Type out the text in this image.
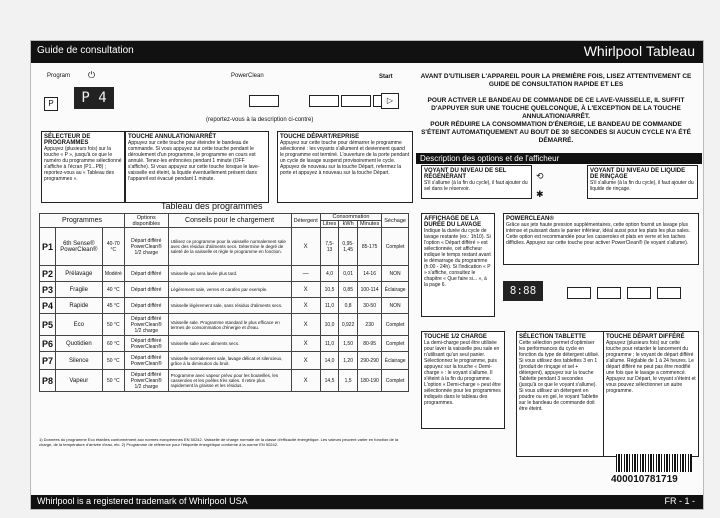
Guide de consultation	Whirlpool Tableau
Program ⏻
P	P 4
PowerClean
▷
Start
(reportez-vous à la description ci-contre)
AVANT D'UTILISER L'APPAREIL POUR LA PREMIÈRE FOIS, LISEZ ATTENTIVEMENT CE GUIDE DE CONSULTATION RAPIDE ET LES
POUR ACTIVER LE BANDEAU DE COMMANDE DE CE LAVE-VAISSELLE, IL SUFFIT D'APPUYER SUR UNE TOUCHE QUELCONQUE, À L'EXCEPTION DE LA TOUCHE ANNULATION/ARRÊT.
POUR RÉDUIRE LA CONSOMMATION D'ÉNERGIE, LE BANDEAU DE COMMANDE S'ÉTEINT AUTOMATIQUEMENT AU BOUT DE 30 SECONDES SI AUCUN CYCLE N'A ÉTÉ DÉMARRÉ.
SÉLECTEUR DE PROGRAMMES
Appuyez (plusieurs fois) sur la touche « P », jusqu'à ce que le numéro du programme sélectionné s'affiche à l'écran (P1...P8) ; reportez-vous au « Tableau des programmes ».
TOUCHE ANNULATION/ARRÊT
Appuyez sur cette touche pour éteindre le bandeau de commande. Si vous appuyez sur cette touche pendant le déroulement d'un programme, le programme en cours est annulé. Tenez-les enfoncées pendant 1 minute (OFF s'affiche). Si vous appuyez sur cette touche lorsque le lave-vaisselle est éteint, la liquide éventuellement présent dans l'appareil est évacué pendant 1 minute.
TOUCHE DÉPART/REPRISE
Appuyez sur cette touche pour démarrer le programme sélectionné : les voyants s'allument et deviennent quand le programme est terminé. L'ouverture de la porte pendant un cycle de lavage suspend provisoirement le cycle. Appuyez de nouveau sur la touche Départ, refermez la porte et appuyez à nouveau sur la touche Départ.
Description des options et de l'afficheur
VOYANT DU NIVEAU DE SEL RÉGÉNÉRANT
S'il s'allume (à la fin du cycle), il faut ajouter du sel dans le réservoir.
VOYANT DU NIVEAU DE LIQUIDE DE RINÇAGE
S'il s'allume (à la fin du cycle), il faut ajouter du liquide de rinçage.
⟲
✱
AFFICHAGE DE LA DURÉE DU LAVAGE
Indique la durée du cycle de lavage restante (ex.: 1h10). Si l'option « Départ différé » est sélectionnée, cet afficheur indique le temps restant avant le démarrage du programme (h:00 - 24h). Si l'indication « P » s'affiche, consultez le chapitre « Que faire si... », à la page 6.
POWERCLEAN®
Grâce aux jets haute pression supplémentaires, cette option fournit un lavage plus intense et puissant dans le panier inférieur, idéal aussi pour les plats les plus sales. Cette option est recommandée pour les casseroles et plats en verre et les taches difficiles. Appuyez sur cette touche pour activer PowerClean® (le voyant s'allume).
8:88
TOUCHE 1/2 CHARGE
La demi-charge peut être utilisée pour laver la vaisselle peu sale en n'utilisant qu'un seul panier. Sélectionnez le programme, puis appuyez sur la touche « Demi-charge » : le voyant s'allume. Il s'éteint à la fin du programme. L'option « Demi-charge » peut être sélectionnée pour les programmes indiqués dans le tableau des programmes.
SÉLECTION TABLETTE
Cette sélection permet d'optimiser les performances du cycle en fonction du type de détergent utilisé. Si vous utilisez des tablettes 3 en 1 (produit de rinçage et sel + détergent), appuyez sur la touche Tablette pendant 3 secondes (jusqu'à ce que le voyant s'allume). Si vous utilisez un détergent en poudre ou en gel, le voyant Tablette sur le bandeau de commande doit être éteint.
TOUCHE DÉPART DIFFÉRÉ
Appuyez (plusieurs fois) sur cette touche pour retarder le lancement du programme ; le voyant de départ différé s'allume. Réglable de 1 à 24 heures. Le départ différé ne peut pas être modifié une fois que le lavage a commencé. Appuyez sur Départ, le voyant s'éteint et vous pouvez sélectionner un autre programme.
400010781719
Tableau des programmes
Programmes			Options disponibles	Conseils pour le chargement	Détergent	Consommation			Séchage
						Litres	kWh	Minutes	
P1	6th Sense® PowerClean®	40-70 °C	Départ différé PowerClean® 1/2 charge	Utilisez ce programme pour la vaisselle normalement sale avec des résidus d'aliments secs. Détermine le degré de saleté de la vaisselle et règle le programme en fonction.	X	7,5-13	0,95-1,45	85-175	Complet
P2	Prélavage	Modéré	Départ différé	Vaisselle qui sera lavée plus tard.	—	4,0	0,01	14-16	NON
P3	Fragile	40 °C	Départ différé	Légèrement sale, verres et carafes par exemple.	X	10,5	0,85	100-114	Éclairage
P4	Rapide	45 °C	Départ différé	Vaisselle légèrement sale, sans résidus d'aliments secs.	X	11,0	0,8	30-50	NON
P5	Eco	50 °C	Départ différé PowerClean® 1/2 charge	Vaisselle sale. Programme standard le plus efficace en termes de consommation d'énergie et d'eau.	X	10,0	0,922	230	Complet
P6	Quotidien	60 °C	Départ différé PowerClean®	Vaisselle salie avec aliments secs.	X	11,0	1,50	80-95	Complet
P7	Silence	50 °C	Départ différé PowerClean®	Vaisselle normalement sale, lavage délicat et silencieux, grâce à la diminution du bruit.	X	14,0	1,20	290-290	Éclairage
P8	Vapeur	50 °C	Départ différé PowerClean® 1/2 charge	Programme avec vapeur prévu pour les bouteilles, les casseroles et les poêles très sales. Il retire plus rapidement la graisse et les résidus.	X	14,5	1,5	180-190	Complet
1) Données du programme Eco établies conformément aux normes européennes EN 50242. Vaisselle de charge normale de la classe d'efficacité énergétique. Les valeurs peuvent varier en fonction de la charge, de la température d'arrivée d'eau, etc. 2) Programme de référence pour l'étiquette énergétique conforme à la norme EN 50242.
Whirlpool is a registered trademark of Whirlpool USA	FR - 1 -
